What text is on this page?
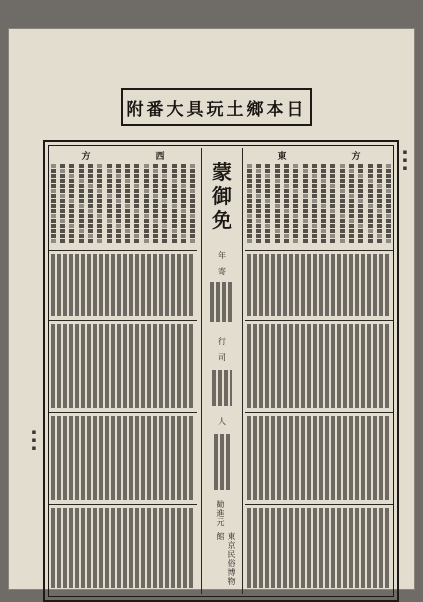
附番大具玩土鄉本日
方	西
蒙
御
免
年
寄
行
司
人
勧進元
東京民俗博物館
東	方
▪▪▪
▪▪▪
